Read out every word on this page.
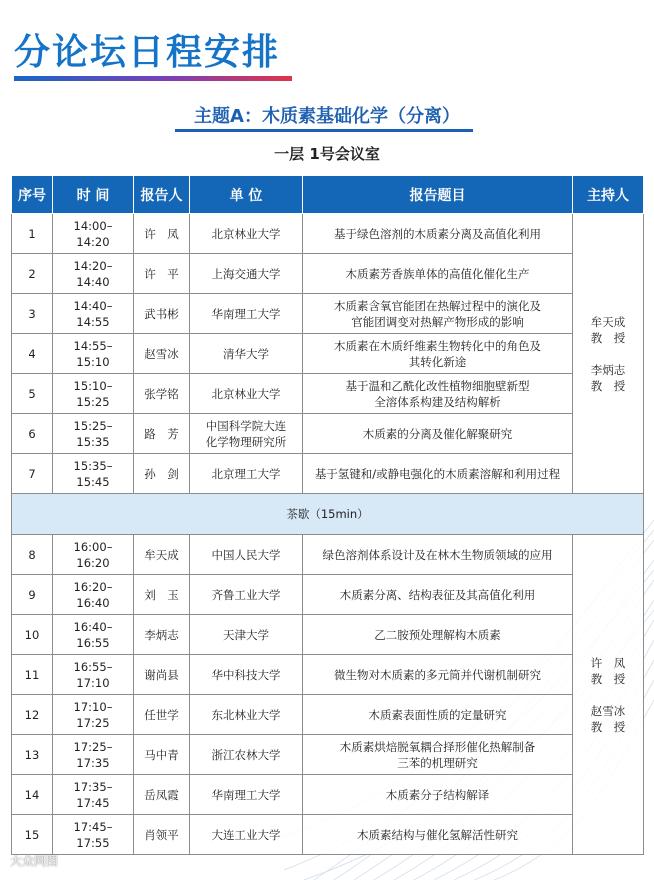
分论坛日程安排
主题A：木质素基础化学（分离）
一层 1号会议室
序号	时 间	报告人	单 位	报告题目	主持人
1	14:00–14:20	许　凤	北京林业大学	基于绿色溶剂的木质素分离及高值化利用	牟天成
教　授
李炳志
教　授

2	14:20–14:40	许　平	上海交通大学	木质素芳香族单体的高值化催化生产	

3	14:40–14:55	武书彬	华南理工大学	木质素含氧官能团在热解过程中的演化及
官能团调变对热解产物形成的影响	

4	14:55–15:10	赵雪冰	清华大学	木质素在木质纤维素生物转化中的角色及
其转化新途	

5	15:10–15:25	张学铭	北京林业大学	基于温和乙酰化改性植物细胞壁新型
全溶体系构建及结构解析	

6	15:25–15:35	路　芳	中国科学院大连
化学物理研究所	木质素的分离及催化解聚研究	

7	15:35–15:45	孙　剑	北京理工大学	基于氢键和/或静电强化的木质素溶解和利用过程	

茶歇（15min）					
8	16:00–16:20	牟天成	中国人民大学	绿色溶剂体系设计及在林木生物质领域的应用	许　凤
教　授
赵雪冰
教　授

9	16:20–16:40	刘　玉	齐鲁工业大学	木质素分离、结构表征及其高值化利用	

10	16:40–16:55	李炳志	天津大学	乙二胺预处理解构木质素	

11	16:55–17:10	谢尚县	华中科技大学	微生物对木质素的多元筒并代谢机制研究	

12	17:10–17:25	任世学	东北林业大学	木质素表面性质的定量研究	

13	17:25–17:35	马中青	浙江农林大学	木质素烘焙脱氧耦合择形催化热解制备
三苯的机理研究	

14	17:35–17:45	岳凤霞	华南理工大学	木质素分子结构解译	

15	17:45–17:55	肖领平	大连工业大学	木质素结构与催化氢解活性研究	
大众网图
